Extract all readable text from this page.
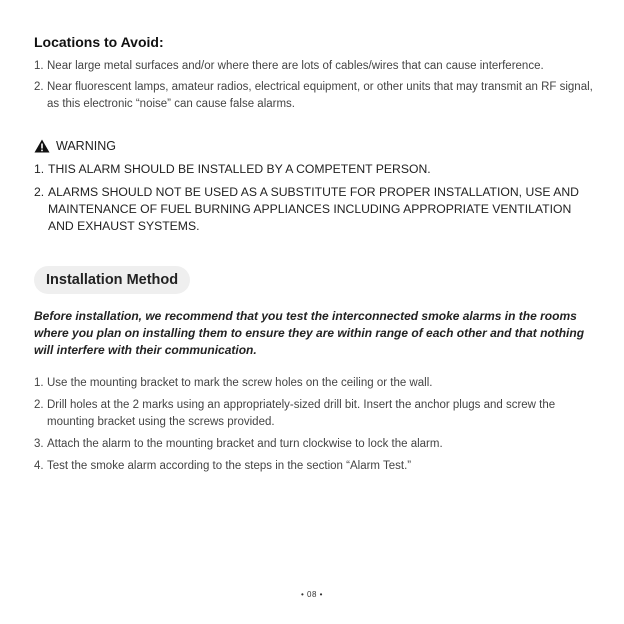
Locations to Avoid:
1. Near large metal surfaces and/or where there are lots of cables/wires that can cause interference.
2. Near fluorescent lamps, amateur radios, electrical equipment, or other units that may transmit an RF signal, as this electronic “noise” can cause false alarms.
WARNING
1. THIS ALARM SHOULD BE INSTALLED BY A COMPETENT PERSON.
2. ALARMS SHOULD NOT BE USED AS A SUBSTITUTE FOR PROPER INSTALLATION, USE AND MAINTENANCE OF FUEL BURNING APPLIANCES INCLUDING APPROPRIATE VENTILATION AND EXHAUST SYSTEMS.
Installation Method

Before installation, we recommend that you test the interconnected smoke alarms in the rooms where you plan on installing them to ensure they are within range of each other and that nothing will interfere with their communication.

1. Use the mounting bracket to mark the screw holes on the ceiling or the wall.
2. Drill holes at the 2 marks using an appropriately-sized drill bit. Insert the anchor plugs and screw the mounting bracket using the screws provided.
3. Attach the alarm to the mounting bracket and turn clockwise to lock the alarm.
4. Test the smoke alarm according to the steps in the section “Alarm Test.”
• 08 •
